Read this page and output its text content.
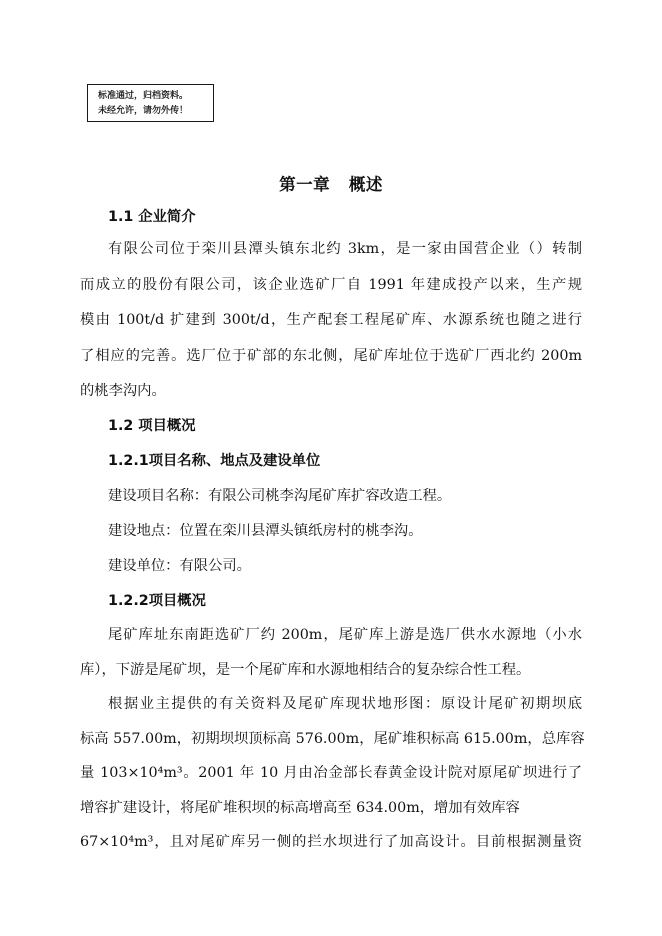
标准通过，归档资料。
未经允许，请勿外传！
第一章   概述
1.1 企业简介
有限公司位于栾川县潭头镇东北约 3km，是一家由国营企业（）转制
而成立的股份有限公司，该企业选矿厂自 1991 年建成投产以来，生产规
模由 100t/d 扩建到 300t/d，生产配套工程尾矿库、水源系统也随之进行
了相应的完善。选厂位于矿部的东北侧，尾矿库址位于选矿厂西北约 200m
的桃李沟内。
1.2 项目概况
1.2.1项目名称、地点及建设单位
建设项目名称：有限公司桃李沟尾矿库扩容改造工程。
建设地点：位置在栾川县潭头镇纸房村的桃李沟。
建设单位：有限公司。
1.2.2项目概况
尾矿库址东南距选矿厂约 200m，尾矿库上游是选厂供水水源地（小水
库），下游是尾矿坝，是一个尾矿库和水源地相结合的复杂综合性工程。
根据业主提供的有关资料及尾矿库现状地形图：原设计尾矿初期坝底
标高 557.00m，初期坝坝顶标高 576.00m，尾矿堆积标高 615.00m，总库容
量 103×10⁴m³。2001 年 10 月由冶金部长春黄金设计院对原尾矿坝进行了
增容扩建设计，将尾矿堆积坝的标高增高至 634.00m，增加有效库容
67×10⁴m³，且对尾矿库另一侧的拦水坝进行了加高设计。目前根据测量资
